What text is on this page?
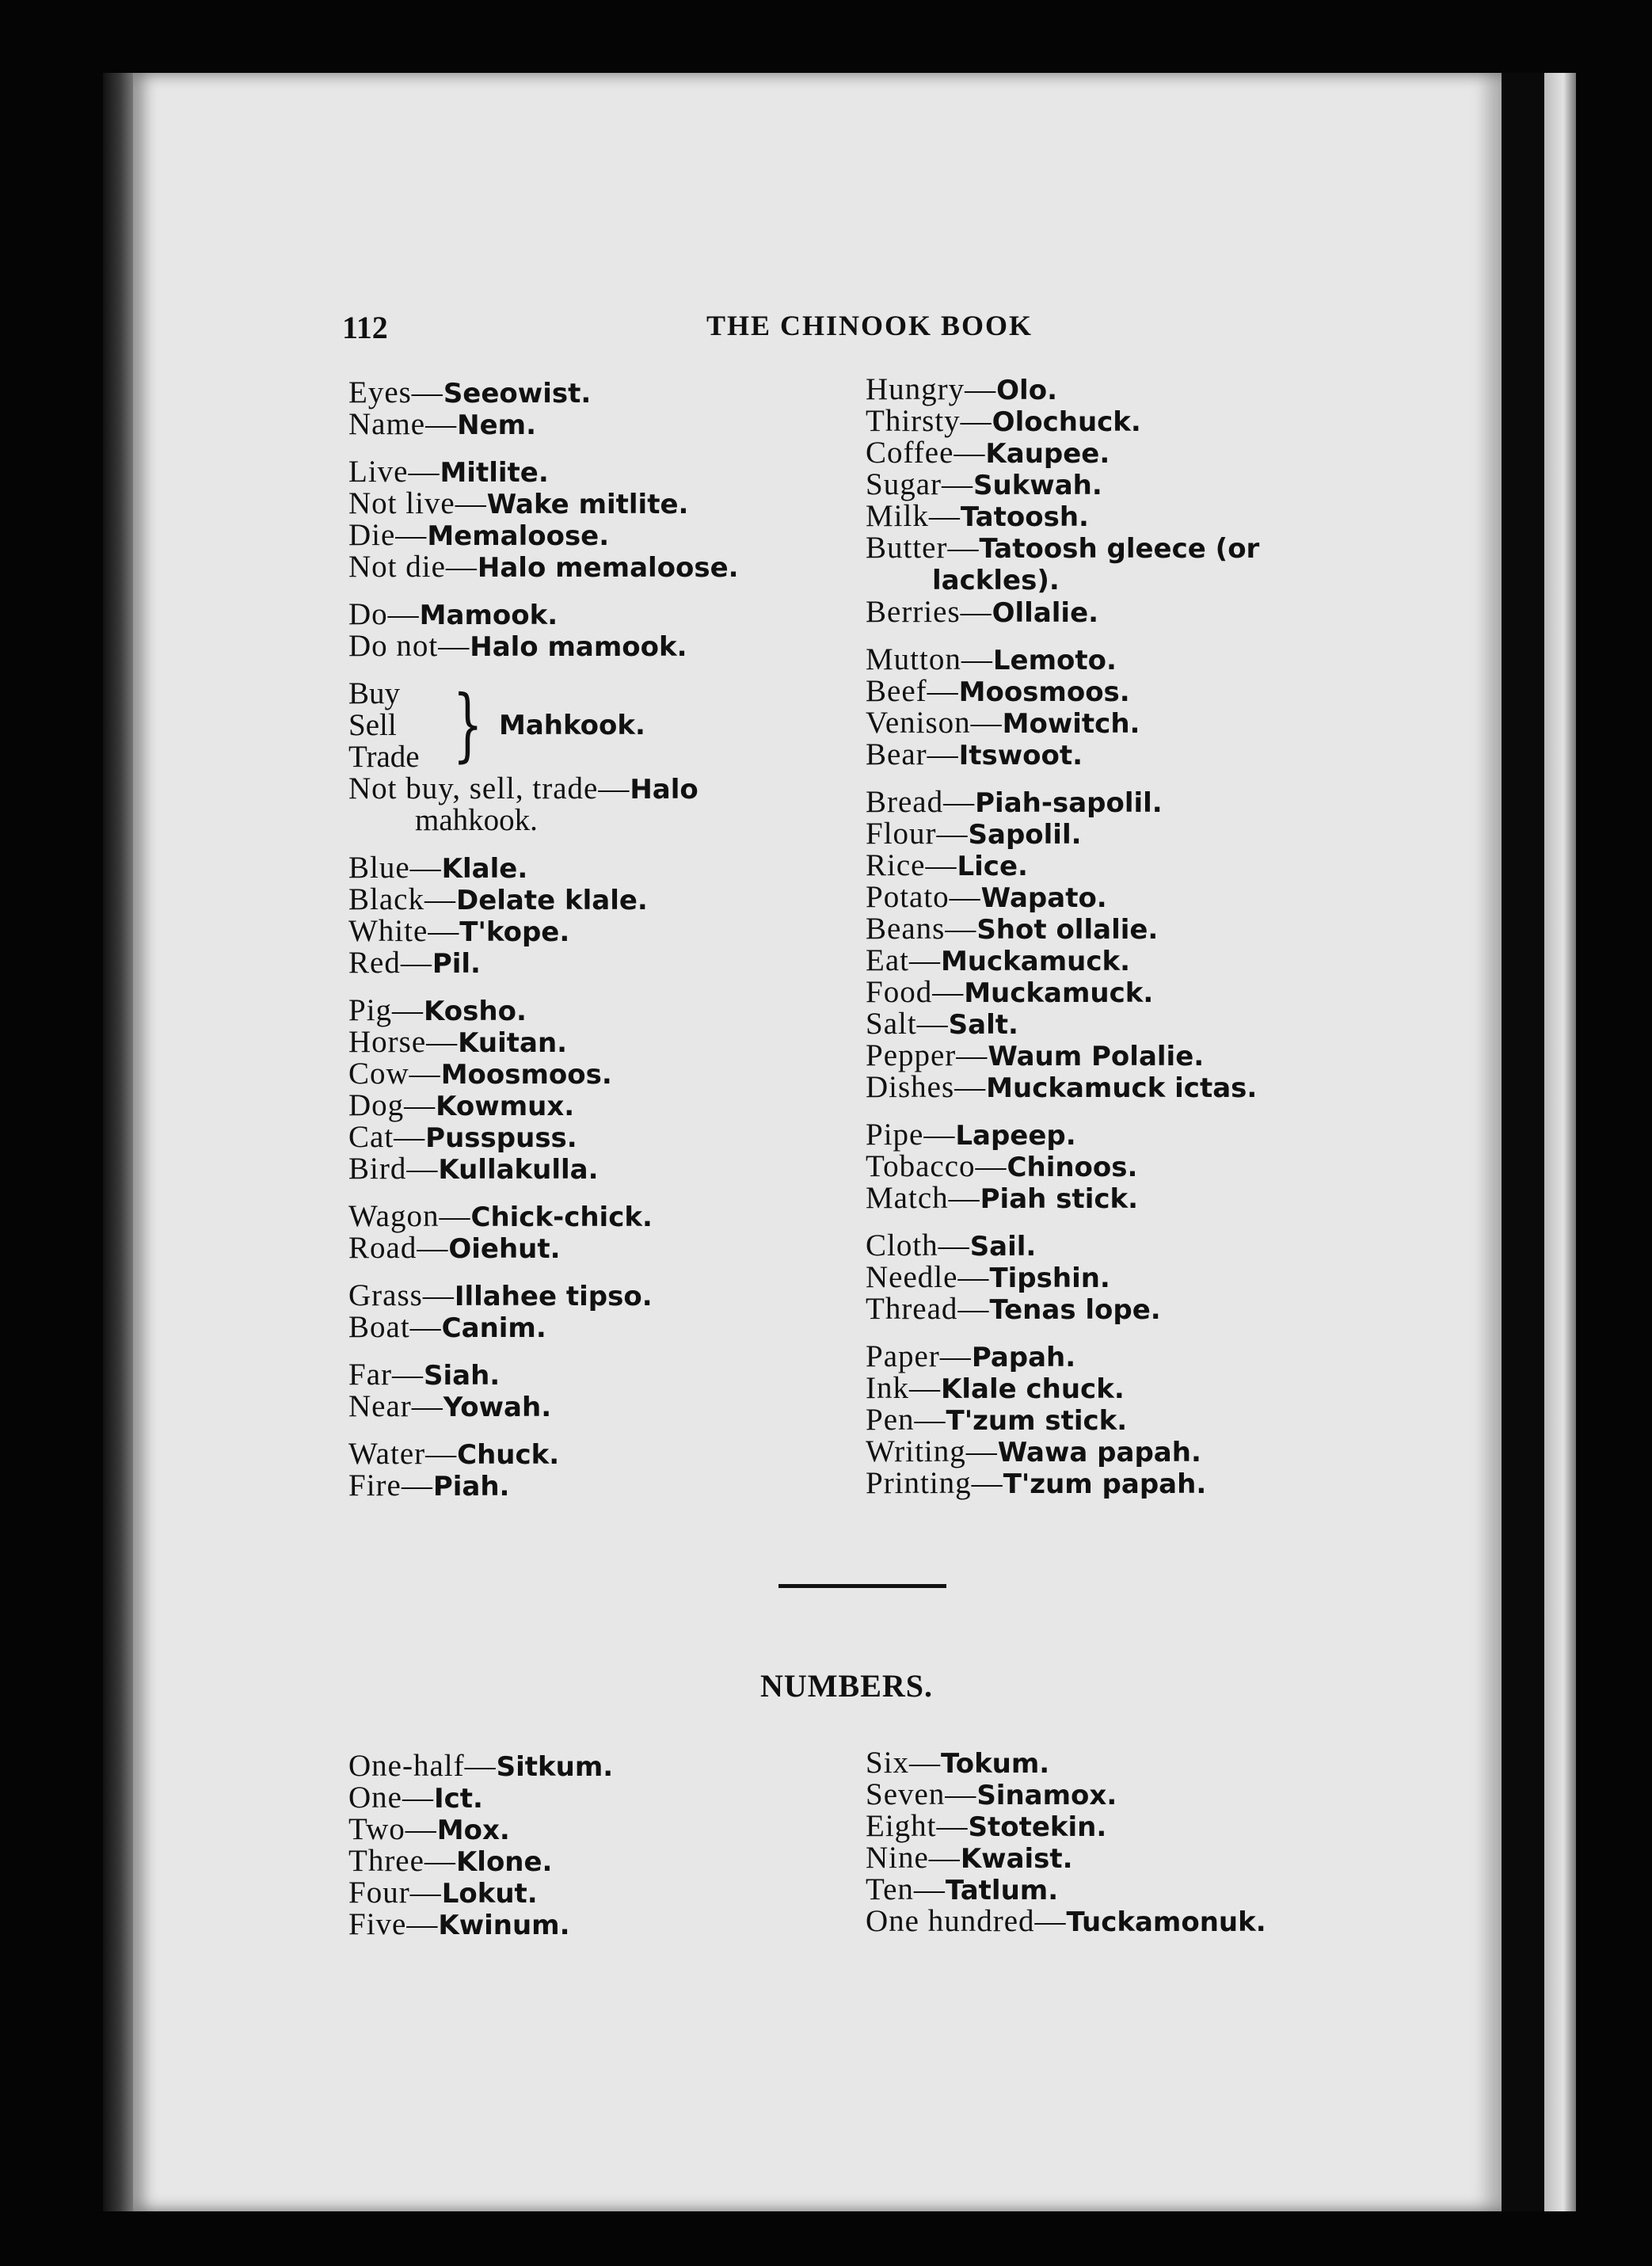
112	THE CHINOOK BOOK
Eyes—Seeowist.
Name—Nem.
Live—Mitlite.
Not live—Wake mitlite.
Die—Memaloose.
Not die—Halo memaloose.
Do—Mamook.
Do not—Halo mamook.
Buy
Sell
Trade } Mahkook.
Not buy, sell, trade—Halo
mahkook.
Blue—Klale.
Black—Delate klale.
White—T'kope.
Red—Pil.
Pig—Kosho.
Horse—Kuitan.
Cow—Moosmoos.
Dog—Kowmux.
Cat—Pusspuss.
Bird—Kullakulla.
Wagon—Chick-chick.
Road—Oiehut.
Grass—Illahee tipso.
Boat—Canim.
Far—Siah.
Near—Yowah.
Water—Chuck.
Fire—Piah.
Hungry—Olo.
Thirsty—Olochuck.
Coffee—Kaupee.
Sugar—Sukwah.
Milk—Tatoosh.
Butter—Tatoosh gleece (or
lackles).
Berries—Ollalie.
Mutton—Lemoto.
Beef—Moosmoos.
Venison—Mowitch.
Bear—Itswoot.
Bread—Piah-sapolil.
Flour—Sapolil.
Rice—Lice.
Potato—Wapato.
Beans—Shot ollalie.
Eat—Muckamuck.
Food—Muckamuck.
Salt—Salt.
Pepper—Waum Polalie.
Dishes—Muckamuck ictas.
Pipe—Lapeep.
Tobacco—Chinoos.
Match—Piah stick.
Cloth—Sail.
Needle—Tipshin.
Thread—Tenas lope.
Paper—Papah.
Ink—Klale chuck.
Pen—T'zum stick.
Writing—Wawa papah.
Printing—T'zum papah.
NUMBERS.
One-half—Sitkum.
One—Ict.
Two—Mox.
Three—Klone.
Four—Lokut.
Five—Kwinum.
Six—Tokum.
Seven—Sinamox.
Eight—Stotekin.
Nine—Kwaist.
Ten—Tatlum.
One hundred—Tuckamonuk.
